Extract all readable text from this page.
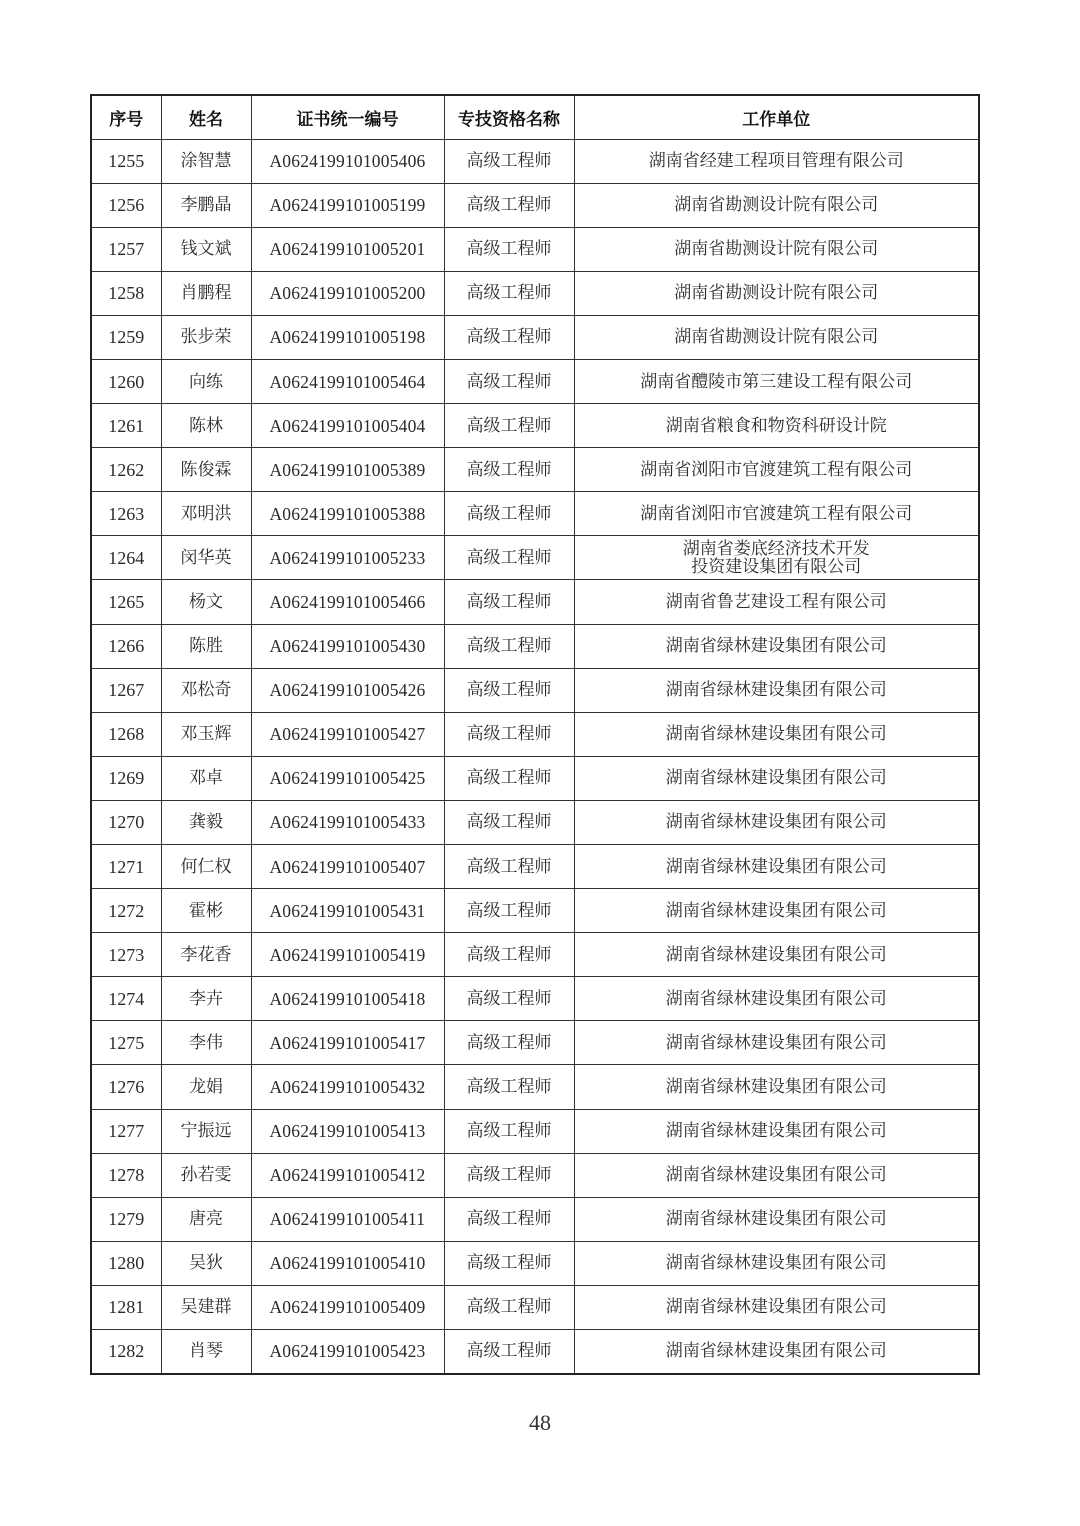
序号	姓名	证书统一编号	专技资格名称	工作单位
1255	涂智慧	A0624199101005406	高级工程师	湖南省经建工程项目管理有限公司

1256	李鹏晶	A0624199101005199	高级工程师	湖南省勘测设计院有限公司

1257	钱文斌	A0624199101005201	高级工程师	湖南省勘测设计院有限公司

1258	肖鹏程	A0624199101005200	高级工程师	湖南省勘测设计院有限公司

1259	张步荣	A0624199101005198	高级工程师	湖南省勘测设计院有限公司

1260	向练	A0624199101005464	高级工程师	湖南省醴陵市第三建设工程有限公司

1261	陈林	A0624199101005404	高级工程师	湖南省粮食和物资科研设计院

1262	陈俊霖	A0624199101005389	高级工程师	湖南省浏阳市官渡建筑工程有限公司

1263	邓明洪	A0624199101005388	高级工程师	湖南省浏阳市官渡建筑工程有限公司

1264	闵华英	A0624199101005233	高级工程师	湖南省娄底经济技术开发
投资建设集团有限公司

1265	杨文	A0624199101005466	高级工程师	湖南省鲁艺建设工程有限公司

1266	陈胜	A0624199101005430	高级工程师	湖南省绿林建设集团有限公司

1267	邓松奇	A0624199101005426	高级工程师	湖南省绿林建设集团有限公司

1268	邓玉辉	A0624199101005427	高级工程师	湖南省绿林建设集团有限公司

1269	邓卓	A0624199101005425	高级工程师	湖南省绿林建设集团有限公司

1270	龚毅	A0624199101005433	高级工程师	湖南省绿林建设集团有限公司

1271	何仁权	A0624199101005407	高级工程师	湖南省绿林建设集团有限公司

1272	霍彬	A0624199101005431	高级工程师	湖南省绿林建设集团有限公司

1273	李花香	A0624199101005419	高级工程师	湖南省绿林建设集团有限公司

1274	李卉	A0624199101005418	高级工程师	湖南省绿林建设集团有限公司

1275	李伟	A0624199101005417	高级工程师	湖南省绿林建设集团有限公司

1276	龙娟	A0624199101005432	高级工程师	湖南省绿林建设集团有限公司

1277	宁振远	A0624199101005413	高级工程师	湖南省绿林建设集团有限公司

1278	孙若雯	A0624199101005412	高级工程师	湖南省绿林建设集团有限公司

1279	唐亮	A0624199101005411	高级工程师	湖南省绿林建设集团有限公司

1280	吴狄	A0624199101005410	高级工程师	湖南省绿林建设集团有限公司

1281	吴建群	A0624199101005409	高级工程师	湖南省绿林建设集团有限公司

1282	肖琴	A0624199101005423	高级工程师	湖南省绿林建设集团有限公司
48
